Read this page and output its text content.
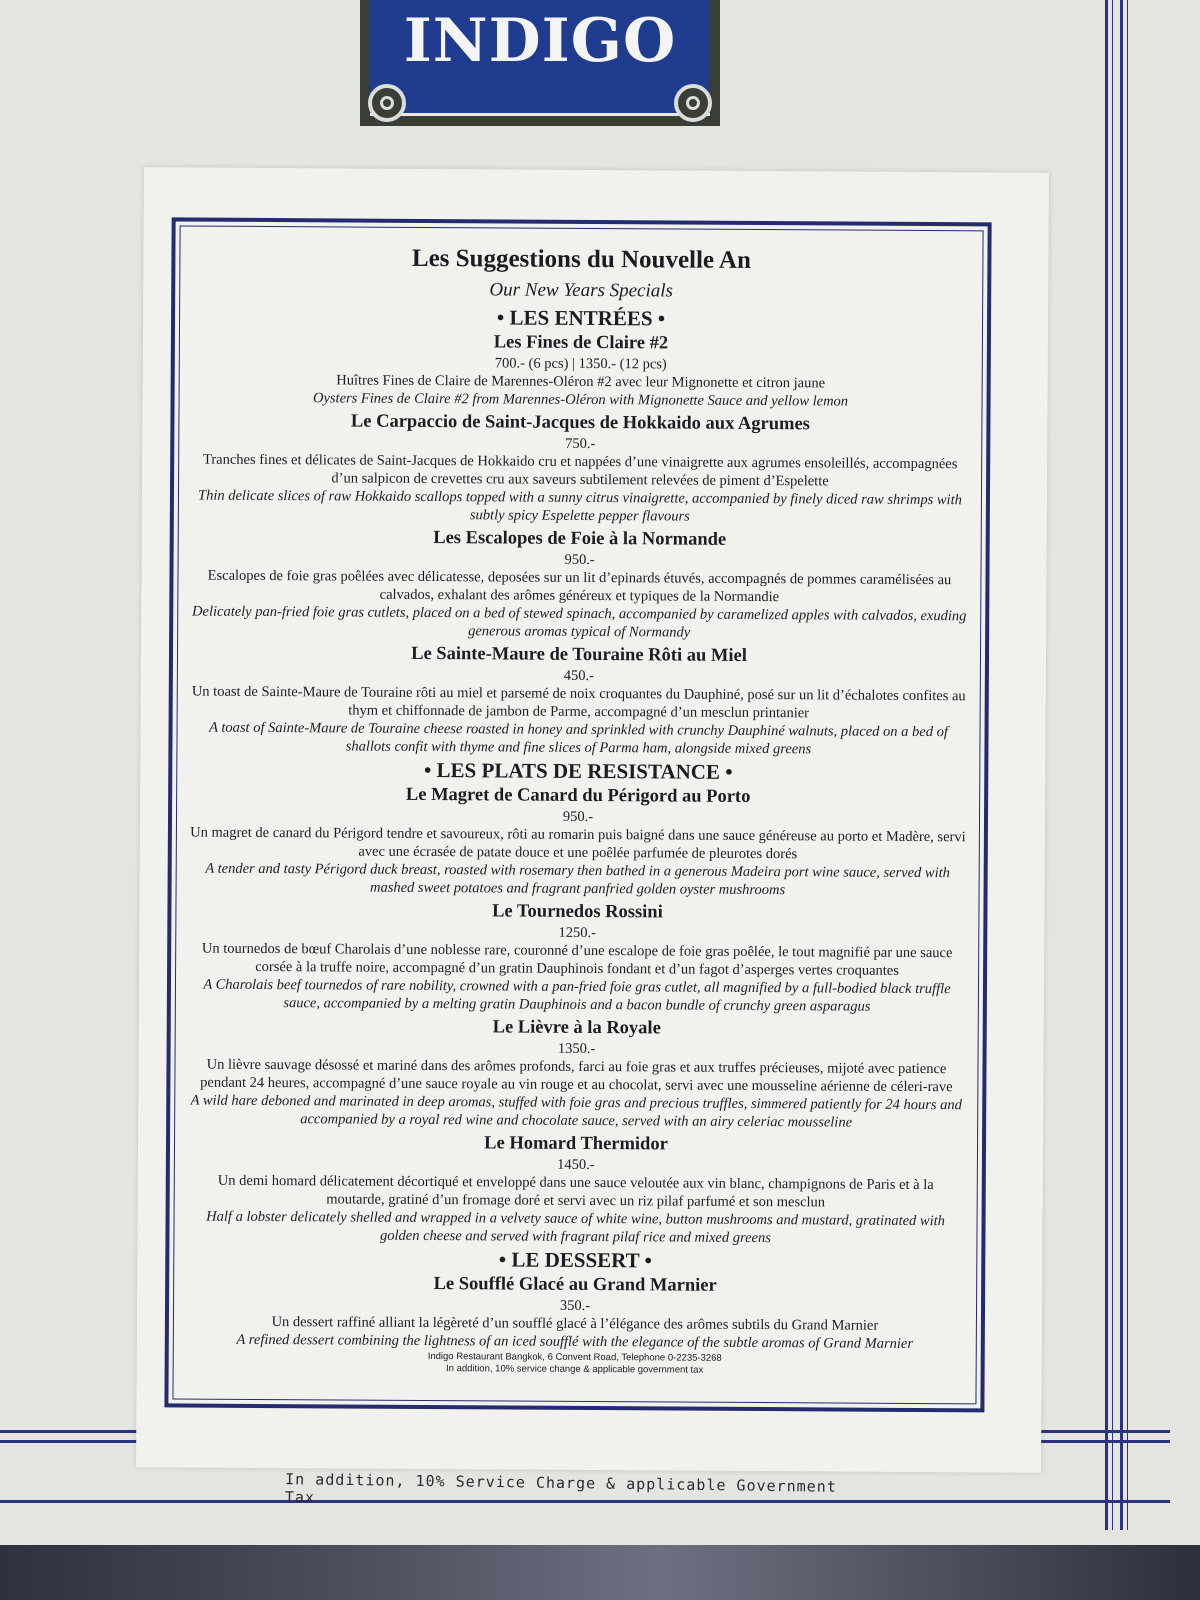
In addition, 10% Service Charge & applicable Government Tax
INDIGO
Les Suggestions du Nouvelle An
Our New Years Specials
• LES ENTRÉES •
Les Fines de Claire #2
700.- (6 pcs) | 1350.- (12 pcs)
Huîtres Fines de Claire de Marennes-Oléron #2 avec leur Mignonette et citron jaune
Oysters Fines de Claire #2 from Marennes-Oléron with Mignonette Sauce and yellow lemon
Le Carpaccio de Saint-Jacques de Hokkaido aux Agrumes
750.-
Tranches fines et délicates de Saint-Jacques de Hokkaido cru et nappées d’une vinaigrette aux agrumes ensoleillés, accompagnées d’un salpicon de crevettes cru aux saveurs subtilement relevées de piment d’Espelette
Thin delicate slices of raw Hokkaido scallops topped with a sunny citrus vinaigrette, accompanied by finely diced raw shrimps with subtly spicy Espelette pepper flavours
Les Escalopes de Foie à la Normande
950.-
Escalopes de foie gras poêlées avec délicatesse, deposées sur un lit d’epinards étuvés, accompagnés de pommes caramélisées au calvados, exhalant des arômes généreux et typiques de la Normandie
Delicately pan-fried foie gras cutlets, placed on a bed of stewed spinach, accompanied by caramelized apples with calvados, exuding generous aromas typical of Normandy
Le Sainte-Maure de Touraine Rôti au Miel
450.-
Un toast de Sainte-Maure de Touraine rôti au miel et parsemé de noix croquantes du Dauphiné, posé sur un lit d’échalotes confites au thym et chiffonnade de jambon de Parme, accompagné d’un mesclun printanier
A toast of Sainte-Maure de Touraine cheese roasted in honey and sprinkled with crunchy Dauphiné walnuts, placed on a bed of shallots confit with thyme and fine slices of Parma ham, alongside mixed greens
• LES PLATS DE RESISTANCE •
Le Magret de Canard du Périgord au Porto
950.-
Un magret de canard du Périgord tendre et savoureux, rôti au romarin puis baigné dans une sauce généreuse au porto et Madère, servi avec une écrasée de patate douce et une poêlée parfumée de pleurotes dorés
A tender and tasty Périgord duck breast, roasted with rosemary then bathed in a generous Madeira port wine sauce, served with mashed sweet potatoes and fragrant panfried golden oyster mushrooms
Le Tournedos Rossini
1250.-
Un tournedos de bœuf Charolais d’une noblesse rare, couronné d’une escalope de foie gras poêlée, le tout magnifié par une sauce corsée à la truffe noire, accompagné d’un gratin Dauphinois fondant et d’un fagot d’asperges vertes croquantes
A Charolais beef tournedos of rare nobility, crowned with a pan-fried foie gras cutlet, all magnified by a full-bodied black truffle sauce, accompanied by a melting gratin Dauphinois and a bacon bundle of crunchy green asparagus
Le Lièvre à la Royale
1350.-
Un lièvre sauvage désossé et mariné dans des arômes profonds, farci au foie gras et aux truffes précieuses, mijoté avec patience pendant 24 heures, accompagné d’une sauce royale au vin rouge et au chocolat, servi avec une mousseline aérienne de céleri-rave
A wild hare deboned and marinated in deep aromas, stuffed with foie gras and precious truffles, simmered patiently for 24 hours and accompanied by a royal red wine and chocolate sauce, served with an airy celeriac mousseline
Le Homard Thermidor
1450.-
Un demi homard délicatement décortiqué et enveloppé dans une sauce veloutée aux vin blanc, champignons de Paris et à la moutarde, gratiné d’un fromage doré et servi avec un riz pilaf parfumé et son mesclun
Half a lobster delicately shelled and wrapped in a velvety sauce of white wine, button mushrooms and mustard, gratinated with golden cheese and served with fragrant pilaf rice and mixed greens
• LE DESSERT •
Le Soufflé Glacé au Grand Marnier
350.-
Un dessert raffiné alliant la légèreté d’un soufflé glacé à l’élégance des arômes subtils du Grand Marnier
A refined dessert combining the lightness of an iced soufflé with the elegance of the subtle aromas of Grand Marnier
Indigo Restaurant Bangkok, 6 Convent Road, Telephone 0-2235-3268
In addition, 10% service change & applicable government tax
